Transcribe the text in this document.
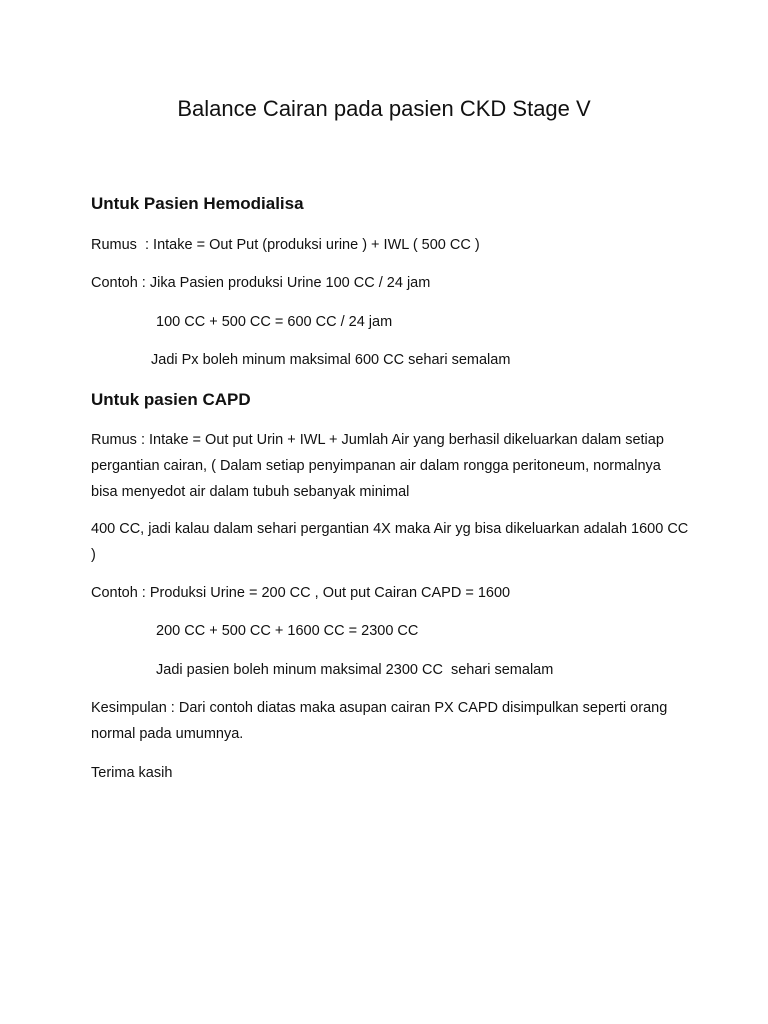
Balance Cairan pada pasien CKD Stage V
Untuk Pasien Hemodialisa

Rumus  : Intake = Out Put (produksi urine ) + IWL ( 500 CC )

Contoh : Jika Pasien produksi Urine 100 CC / 24 jam

100 CC + 500 CC = 600 CC / 24 jam

Jadi Px boleh minum maksimal 600 CC sehari semalam

Untuk pasien CAPD

Rumus : Intake = Out put Urin + IWL + Jumlah Air yang berhasil dikeluarkan dalam setiap pergantian cairan, ( Dalam setiap penyimpanan air dalam rongga peritoneum, normalnya bisa menyedot air dalam tubuh sebanyak minimal

400 CC, jadi kalau dalam sehari pergantian 4X maka Air yg bisa dikeluarkan adalah 1600 CC )

Contoh : Produksi Urine = 200 CC , Out put Cairan CAPD = 1600

200 CC + 500 CC + 1600 CC = 2300 CC

Jadi pasien boleh minum maksimal 2300 CC  sehari semalam

Kesimpulan : Dari contoh diatas maka asupan cairan PX CAPD disimpulkan seperti orang normal pada umumnya.

Terima kasih
